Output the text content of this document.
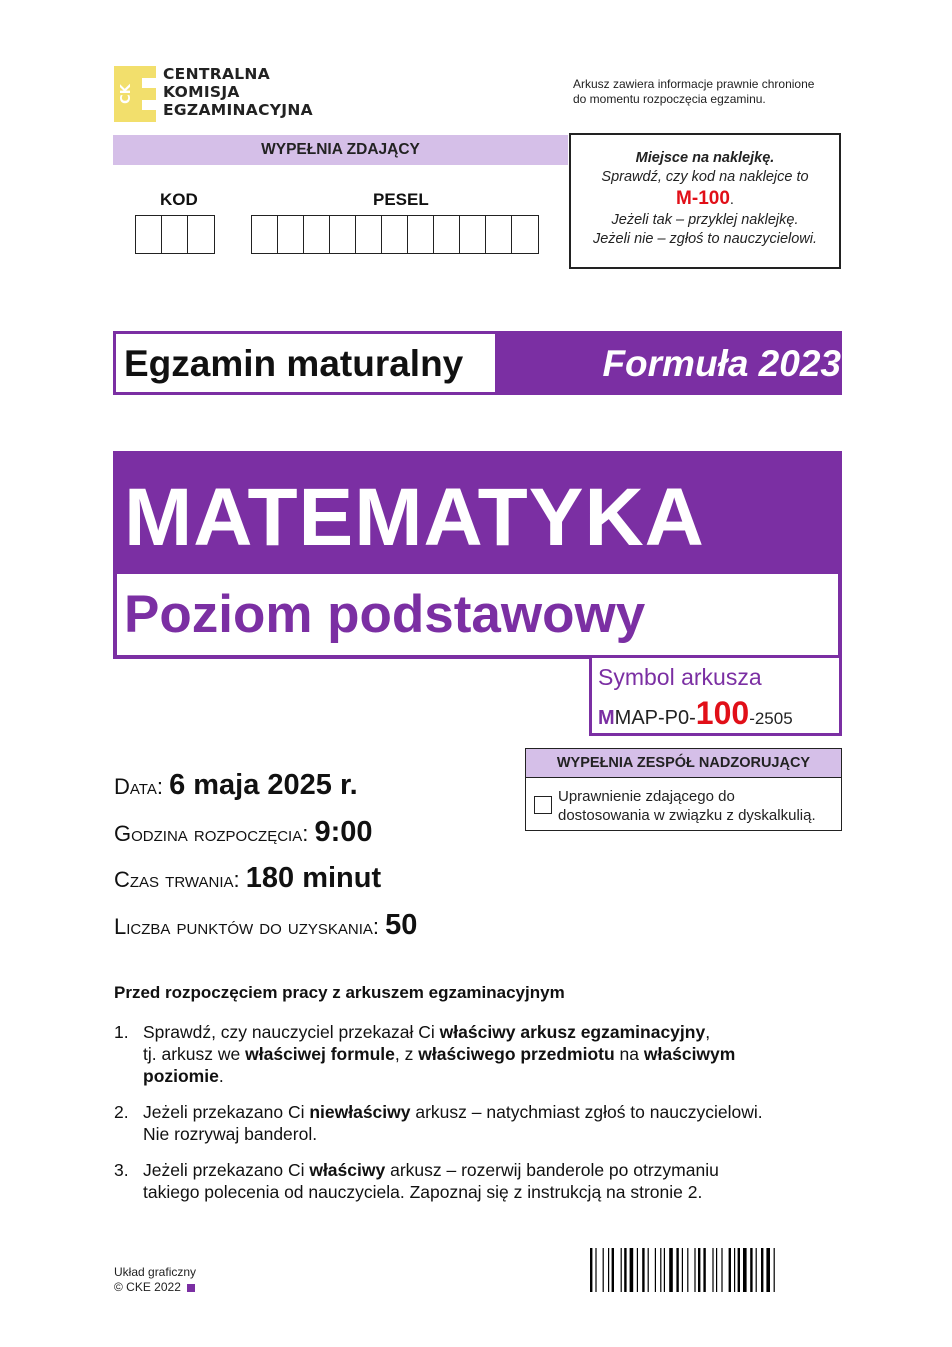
CK
CENTRALNA
KOMISJA
EGZAMINACYJNA
Arkusz zawiera informacje prawnie chronione
do momentu rozpoczęcia egzaminu.
WYPEŁNIA ZDAJĄCY
KOD	PESEL
Miejsce na naklejkę.
Sprawdź, czy kod na naklejce to
M-100.
Jeżeli tak – przyklej naklejkę.
Jeżeli nie – zgłoś to nauczycielowi.
Egzamin maturalny	Formuła 2023
MATEMATYKA
Poziom podstawowy
Symbol arkusza
MMAP-P0-100-2505
WYPEŁNIA ZESPÓŁ NADZORUJĄCY
Uprawnienie zdającego do
dostosowania w związku z dyskalkulią.
Data: 6 maja 2025 r.
Godzina rozpoczęcia: 9:00
Czas trwania: 180 minut
Liczba punktów do uzyskania: 50
Przed rozpoczęciem pracy z arkuszem egzaminacyjnym
1. Sprawdź, czy nauczyciel przekazał Ci właściwy arkusz egzaminacyjny,
tj. arkusz we właściwej formule, z właściwego przedmiotu na właściwym
poziomie.
2. Jeżeli przekazano Ci niewłaściwy arkusz – natychmiast zgłoś to nauczycielowi.
Nie rozrywaj banderol.
3. Jeżeli przekazano Ci właściwy arkusz – rozerwij banderole po otrzymaniu
takiego polecenia od nauczyciela. Zapoznaj się z instrukcją na stronie 2.
Układ graficzny
© CKE 2022
